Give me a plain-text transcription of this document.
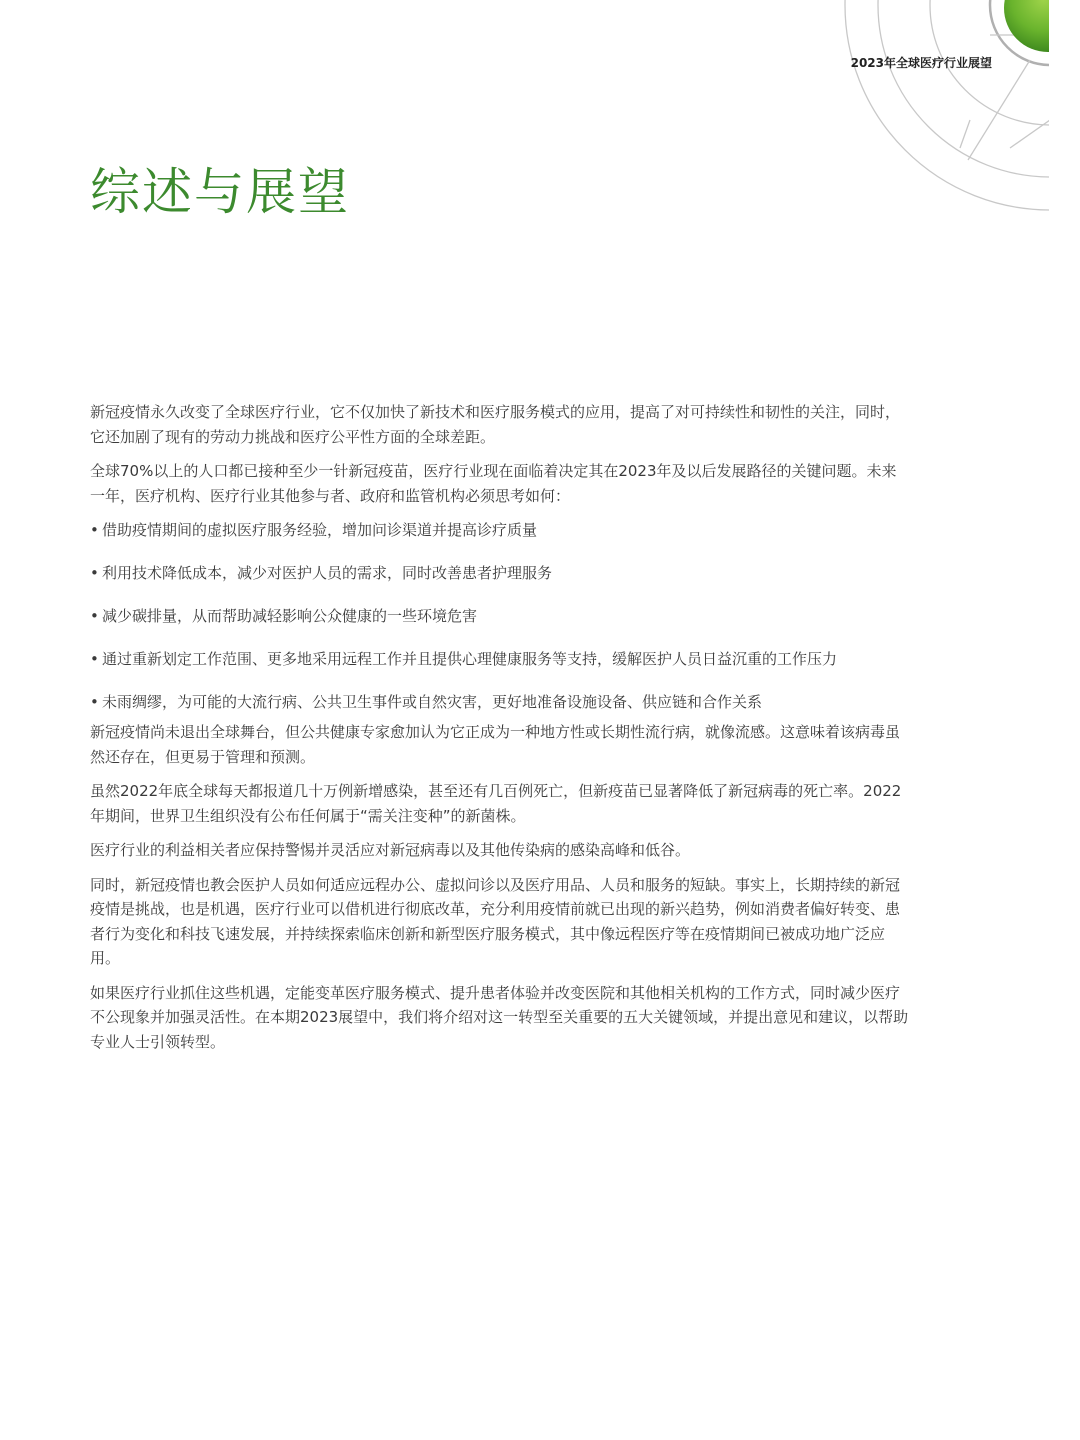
2023年全球医疗行业展望
综述与展望

新冠疫情永久改变了全球医疗行业，它不仅加快了新技术和医疗服务模式的应用，提高了对可持续性和韧性的关注，同时，它还加剧了现有的劳动力挑战和医疗公平性方面的全球差距。

全球70%以上的人口都已接种至少一针新冠疫苗，医疗行业现在面临着决定其在2023年及以后发展路径的关键问题。未来一年，医疗机构、医疗行业其他参与者、政府和监管机构必须思考如何：

• 借助疫情期间的虚拟医疗服务经验，增加问诊渠道并提高诊疗质量
• 利用技术降低成本，减少对医护人员的需求，同时改善患者护理服务
• 减少碳排量，从而帮助减轻影响公众健康的一些环境危害
• 通过重新划定工作范围、更多地采用远程工作并且提供心理健康服务等支持，缓解医护人员日益沉重的工作压力
• 未雨绸缪，为可能的大流行病、公共卫生事件或自然灾害，更好地准备设施设备、供应链和合作关系

新冠疫情尚未退出全球舞台，但公共健康专家愈加认为它正成为一种地方性或长期性流行病，就像流感。这意味着该病毒虽然还存在，但更易于管理和预测。

虽然2022年底全球每天都报道几十万例新增感染，甚至还有几百例死亡，但新疫苗已显著降低了新冠病毒的死亡率。2022年期间，世界卫生组织没有公布任何属于“需关注变种”的新菌株。

医疗行业的利益相关者应保持警惕并灵活应对新冠病毒以及其他传染病的感染高峰和低谷。

同时，新冠疫情也教会医护人员如何适应远程办公、虚拟问诊以及医疗用品、人员和服务的短缺。事实上，长期持续的新冠疫情是挑战，也是机遇，医疗行业可以借机进行彻底改革，充分利用疫情前就已出现的新兴趋势，例如消费者偏好转变、患者行为变化和科技飞速发展，并持续探索临床创新和新型医疗服务模式，其中像远程医疗等在疫情期间已被成功地广泛应用。

如果医疗行业抓住这些机遇，定能变革医疗服务模式、提升患者体验并改变医院和其他相关机构的工作方式，同时减少医疗不公现象并加强灵活性。在本期2023展望中，我们将介绍对这一转型至关重要的五大关键领域，并提出意见和建议，以帮助专业人士引领转型。
